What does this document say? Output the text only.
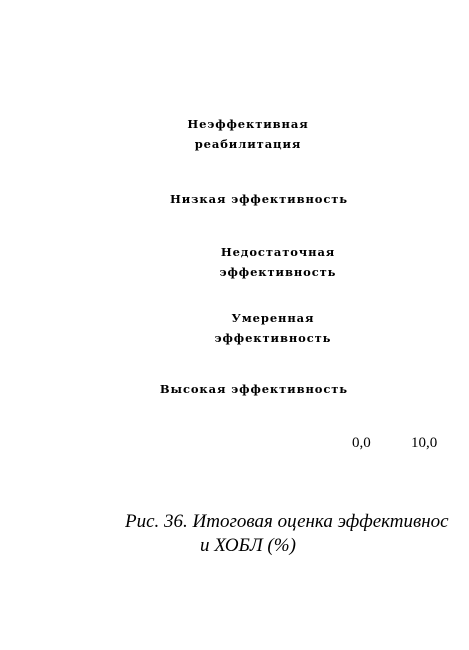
Неэффективная
реабилитация
Низкая эффективность
Недостаточная
эффективность
Умеренная
эффективность
Высокая эффективность
0,0	10,0
Рис. 36. Итоговая оценка эффективнос
и ХОБЛ (%)
